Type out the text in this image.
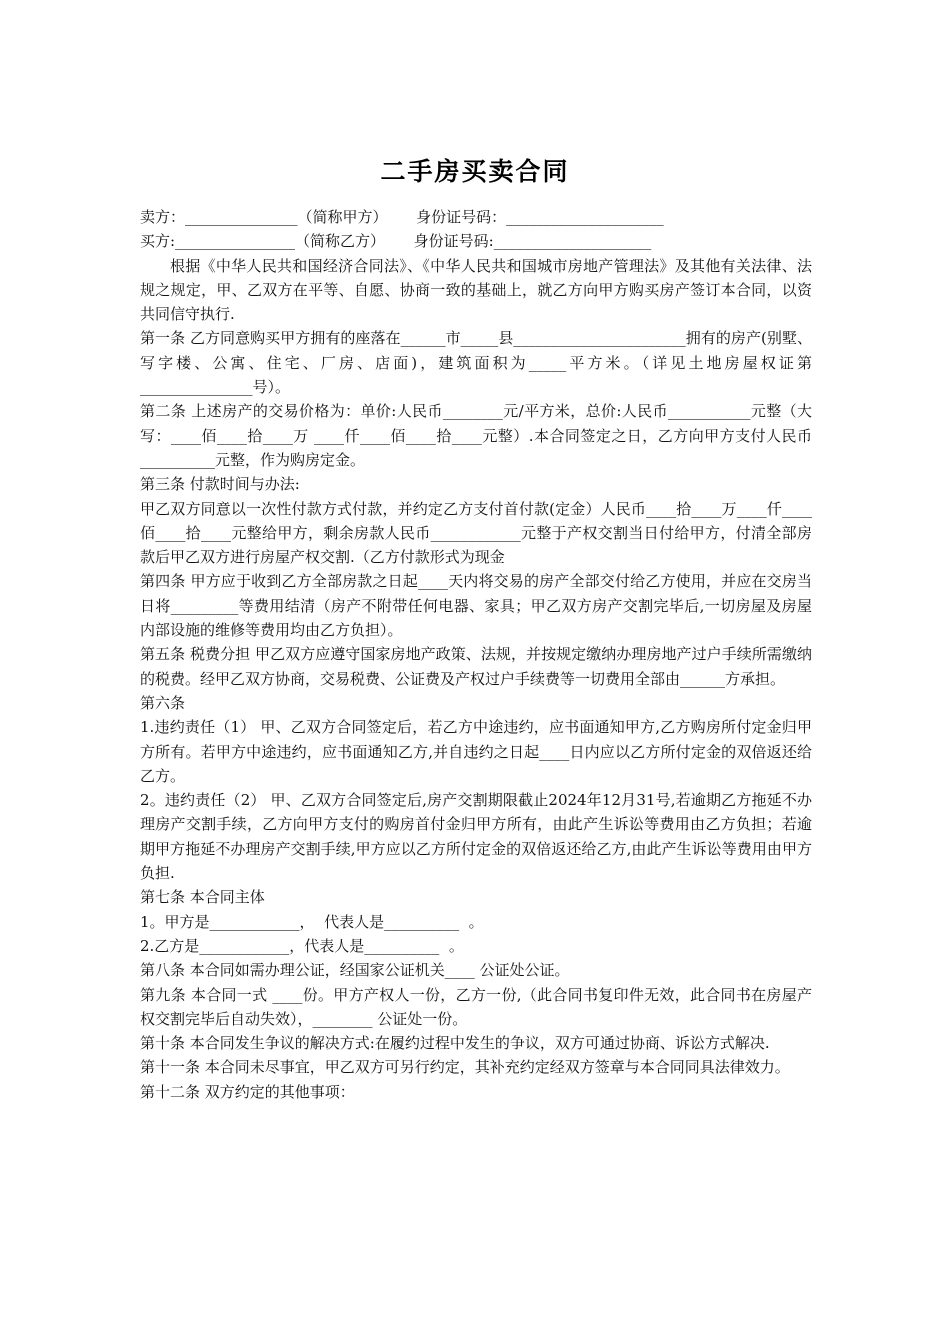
二手房买卖合同
卖方：_______________（简称甲方）      身份证号码：_____________________
买方:________________（简称乙方）      身份证号码:_____________________

根据《中华人民共和国经济合同法》、《中华人民共和国城市房地产管理法》及其他有关法律、法规之规定，甲、乙双方在平等、自愿、协商一致的基础上，就乙方向甲方购买房产签订本合同，以资共同信守执行.

第一条 乙方同意购买甲方拥有的座落在______市_____县_______________________拥有的房产(别墅、写字楼、公寓、住宅、厂房、店面)，建筑面积为_____平方米。（详见土地房屋权证第_______________号）。

第二条 上述房产的交易价格为：单价:人民币________元/平方米，总价:人民币___________元整（大写：____佰____拾____万 ____仟____佰____拾____元整）.本合同签定之日，乙方向甲方支付人民币 __________元整，作为购房定金。

第三条 付款时间与办法:

甲乙双方同意以一次性付款方式付款，并约定乙方支付首付款(定金）人民币____拾____万____仟____佰____拾____元整给甲方，剩余房款人民币____________元整于产权交割当日付给甲方，付清全部房款后甲乙双方进行房屋产权交割.（乙方付款形式为现金

第四条 甲方应于收到乙方全部房款之日起____天内将交易的房产全部交付给乙方使用，并应在交房当日将_________等费用结清（房产不附带任何电器、家具；甲乙双方房产交割完毕后,一切房屋及房屋内部设施的维修等费用均由乙方负担）。

第五条 税费分担 甲乙双方应遵守国家房地产政策、法规，并按规定缴纳办理房地产过户手续所需缴纳的税费。经甲乙双方协商，交易税费、公证费及产权过户手续费等一切费用全部由______方承担。

第六条

1.违约责任（1） 甲、乙双方合同签定后，若乙方中途违约，应书面通知甲方,乙方购房所付定金归甲方所有。若甲方中途违约，应书面通知乙方,并自违约之日起____日内应以乙方所付定金的双倍返还给乙方。

2。违约责任（2） 甲、乙双方合同签定后,房产交割期限截止2024年12月31号,若逾期乙方拖延不办理房产交割手续，乙方向甲方支付的购房首付金归甲方所有，由此产生诉讼等费用由乙方负担；若逾期甲方拖延不办理房产交割手续,甲方应以乙方所付定金的双倍返还给乙方,由此产生诉讼等费用由甲方负担.

第七条 本合同主体

1。甲方是____________，  代表人是__________  。
2.乙方是____________，代表人是__________  。

第八条 本合同如需办理公证，经国家公证机关____ 公证处公证。

第九条 本合同一式 ____份。甲方产权人一份，乙方一份,（此合同书复印件无效，此合同书在房屋产权交割完毕后自动失效），________ 公证处一份。

第十条 本合同发生争议的解决方式:在履约过程中发生的争议，双方可通过协商、诉讼方式解决.

第十一条 本合同未尽事宜，甲乙双方可另行约定，其补充约定经双方签章与本合同同具法律效力。

第十二条 双方约定的其他事项：
